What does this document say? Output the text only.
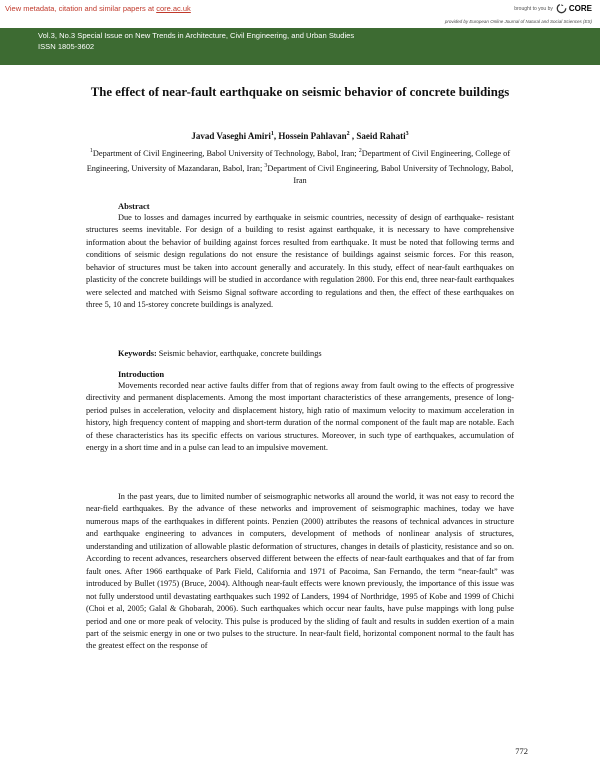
View metadata, citation and similar papers at core.ac.uk	brought to you by CORE
provided by European Online Journal of Natural and Social Sciences (ES)
Vol.3, No.3 Special Issue on New Trends in Architecture, Civil Engineering, and Urban Studies
ISSN 1805-3602
The effect of near-fault earthquake on seismic behavior of concrete buildings
Javad Vaseghi Amiri$^1$, Hossein Pahlavan$^2$ , Saeid Rahati$^3$
$^1$Department of Civil Engineering, Babol University of Technology, Babol, Iran; $^2$Department of Civil Engineering, College of Engineering, University of Mazandaran, Babol, Iran; $^3$Department of Civil Engineering, Babol University of Technology, Babol, Iran
Abstract

Due to losses and damages incurred by earthquake in seismic countries, necessity of design of earthquake- resistant structures seems inevitable. For design of a building to resist against earthquake, it is necessary to have comprehensive information about the behavior of building against forces resulted from earthquake. It must be noted that following terms and conditions of seismic design regulations do not ensure the resistance of buildings against seismic forces. For this reason, behavior of structures must be taken into account generally and accurately. In this study, effect of near-fault earthquakes on plasticity of the concrete buildings will be studied in accordance with regulation 2800. For this end, three near-fault earthquakes were selected and matched with Seismo Signal software according to regulations and then, the effect of these earthquakes on three 5, 10 and 15-storey concrete buildings is analyzed.

Keywords: Seismic behavior, earthquake, concrete buildings
Introduction

Movements recorded near active faults differ from that of regions away from fault owing to the effects of progressive directivity and permanent displacements. Among the most important characteristics of these arrangements, presence of long-period pulses in acceleration, velocity and displacement history, high ratio of maximum velocity to maximum acceleration in history, high frequency content of mapping and short-term duration of the normal component of the fault map are notable. Each of these characteristics has its specific effects on various structures. Moreover, in such type of earthquakes, accumulation of energy in a short time and in a pulse can lead to an impulsive movement.

In the past years, due to limited number of seismographic networks all around the world, it was not easy to record the near-field earthquakes. By the advance of these networks and improvement of seismographic machines, today we have numerous maps of the earthquakes in different points. Penzien (2000) attributes the reasons of technical advances in structure and earthquake engineering to advances in computers, development of methods of nonlinear analysis of structures, understanding and utilization of allowable plastic deformation of structures, changes in details of plasticity, resistance and so on. According to recent advances, researchers observed different between the effects of near-fault earthquakes and that of far from fault ones. After 1966 earthquake of Park Field, California and 1971 of Pacoima, San Fernando, the term “near-fault” was introduced by Bullet (1975) (Bruce, 2004). Although near-fault effects were known previously, the importance of this issue was not fully understood until devastating earthquakes such 1992 of Landers, 1994 of Northridge, 1995 of Kobe and 1999 of Chichi (Choi et al, 2005; Galal & Ghobarah, 2006). Such earthquakes which occur near faults, have pulse mappings with long pulse period and one or more peak of velocity. This pulse is produced by the sliding of fault and results in sudden exertion of a main part of the seismic energy in one or two pulses to the structure. In near-fault field, horizontal component normal to the fault has the greatest effect on the response of

772
